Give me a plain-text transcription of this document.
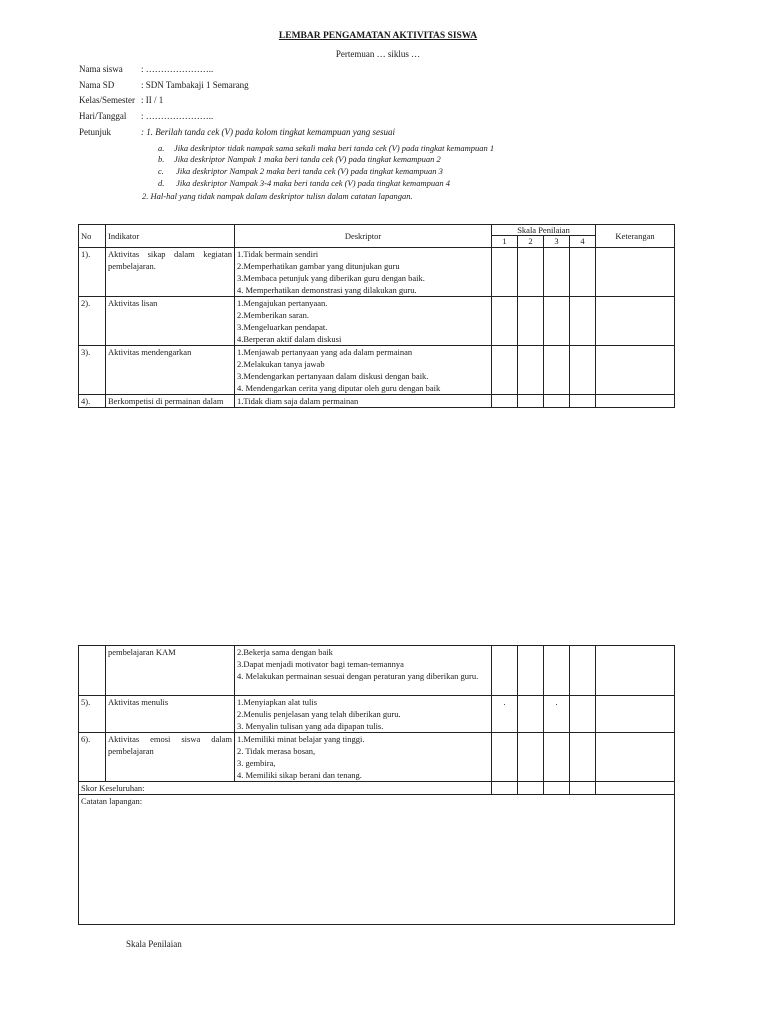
LEMBAR PENGAMATAN AKTIVITAS SISWA
Pertemuan … siklus …
Nama siswa : …………………..
Nama SD	: SDN Tambakaji 1 Semarang
Kelas/Semester : II / 1
Hari/Tanggal : …………………..
Petunjuk	: 1. Berilah tanda cek (V) pada kolom tingkat kemampuan yang sesuai
a. Jika deskriptor tidak nampak sama sekali maka beri tanda cek (V) pada tingkat kemampuan 1
b. Jika deskriptor Nampak 1 maka beri tanda cek (V) pada tingkat kemampuan 2
c. Jika deskriptor Nampak 2 maka beri tanda cek (V) pada tingkat kemampuan 3
d. Jika deskriptor Nampak 3-4 maka beri tanda cek (V) pada tingkat kemampuan 4
2. Hal-hal yang tidak nampak dalam deskriptor tulisn dalam catatan lapangan.
No	Indikator	Deskriptor	Skala Penilaian				Keterangan
			1	2	3	4	
1).	Aktivitas sikap dalam kegiatan pembelajaran.	1.Tidak bermain sendiri
2.Memperhatikan gambar yang ditunjukan guru
3.Membaca petunjuk yang diberikan guru dengan baik.
4. Memperhatikan demonstrasi yang dilakukan guru.					

2).	Aktivitas lisan	1.Mengajukan pertanyaan.
2.Memberikan saran.
3.Mengeluarkan pendapat.
4.Berperan aktif dalam diskusi					

3).	Aktivitas mendengarkan	1.Menjawab pertanyaan yang ada dalam permainan
2.Melakukan tanya jawab
3.Mendengarkan pertanyaan dalam diskusi dengan baik.
4. Mendengarkan cerita yang diputar oleh guru dengan baik					

4).	Berkompetisi di permainan dalam	1.Tidak diam saja dalam permainan					

	pembelajaran KAM	2.Bekerja sama dengan baik
3.Dapat menjadi motivator bagi teman-temannya
4. Melakukan permainan sesuai dengan peraturan yang diberikan guru.					

5).	Aktivitas menulis	1.Menyiapkan alat tulis
2.Menulis penjelasan yang telah diberikan guru.
3. Menyalin tulisan yang ada dipapan tulis.	.		.		
6).	Aktivitas emosi siswa dalam pembelajaran	1.Memiliki minat belajar yang tinggi.
2. Tidak merasa bosan,
3. gembira,
4. Memiliki sikap berani dan tenang.					

Skor Keseluruhan:							
Catatan lapangan:							
Skala Penilaian
